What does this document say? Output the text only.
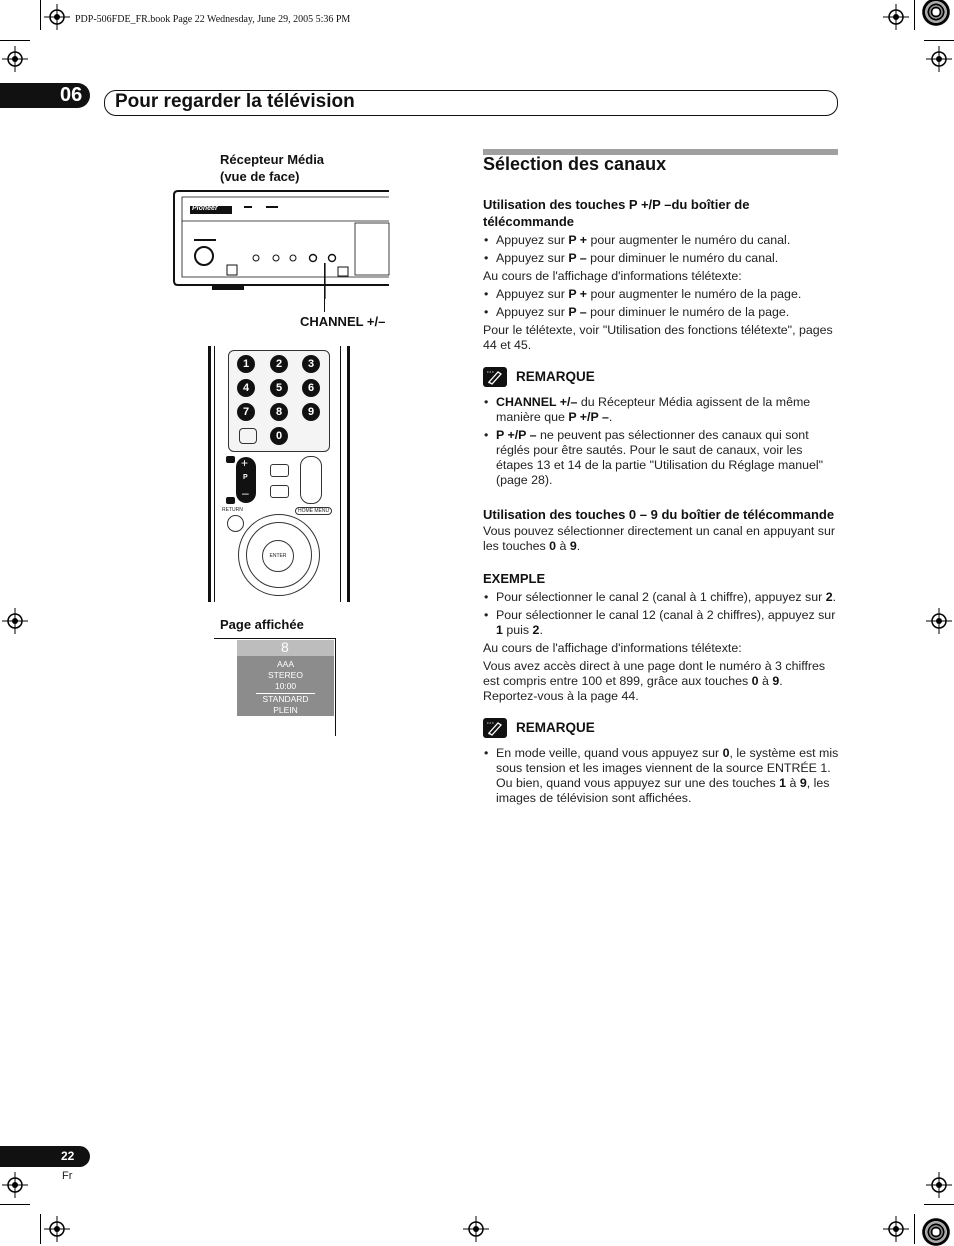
PDP-506FDE_FR.book Page 22 Wednesday, June 29, 2005 5:36 PM
06 Pour regarder la télévision
Récepteur Média
(vue de face)
Pioneer
CHANNEL +/–
1	2	3
4	5	6
7	8	9
0
+
P
–
RETURN	HOME MENU
ENTER
Page affichée
8
AAA
STEREO
10:00
STANDARD
PLEIN
Sélection des canaux
Utilisation des touches P +/P –du boîtier de télécommande
• Appuyez sur P + pour augmenter le numéro du canal.
• Appuyez sur P – pour diminuer le numéro du canal.

Au cours de l'affichage d'informations télétexte:

• Appuyez sur P + pour augmenter le numéro de la page.
• Appuyez sur P – pour diminuer le numéro de la page.

Pour le télétexte, voir "Utilisation des fonctions télétexte", pages 44 et 45.

REMARQUE
• CHANNEL +/– du Récepteur Média agissent de la même manière que P +/P –.
• P +/P – ne peuvent pas sélectionner des canaux qui sont réglés pour être sautés. Pour le saut de canaux, voir les étapes 13 et 14 de la partie "Utilisation du Réglage manuel" (page 28).
Utilisation des touches 0 – 9 du boîtier de télécommande

Vous pouvez sélectionner directement un canal en appuyant sur les touches 0 à 9.

EXEMPLE
• Pour sélectionner le canal 2 (canal à 1 chiffre), appuyez sur 2.
• Pour sélectionner le canal 12 (canal à 2 chiffres), appuyez sur 1 puis 2.

Au cours de l'affichage d'informations télétexte:

Vous avez accès direct à une page dont le numéro à 3 chiffres est compris entre 100 et 899, grâce aux touches 0 à 9. Reportez-vous à la page 44.

REMARQUE
• En mode veille, quand vous appuyez sur 0, le système est mis sous tension et les images viennent de la source ENTRÉE 1. Ou bien, quand vous appuyez sur une des touches 1 à 9, les images de télévision sont affichées.
22
Fr
